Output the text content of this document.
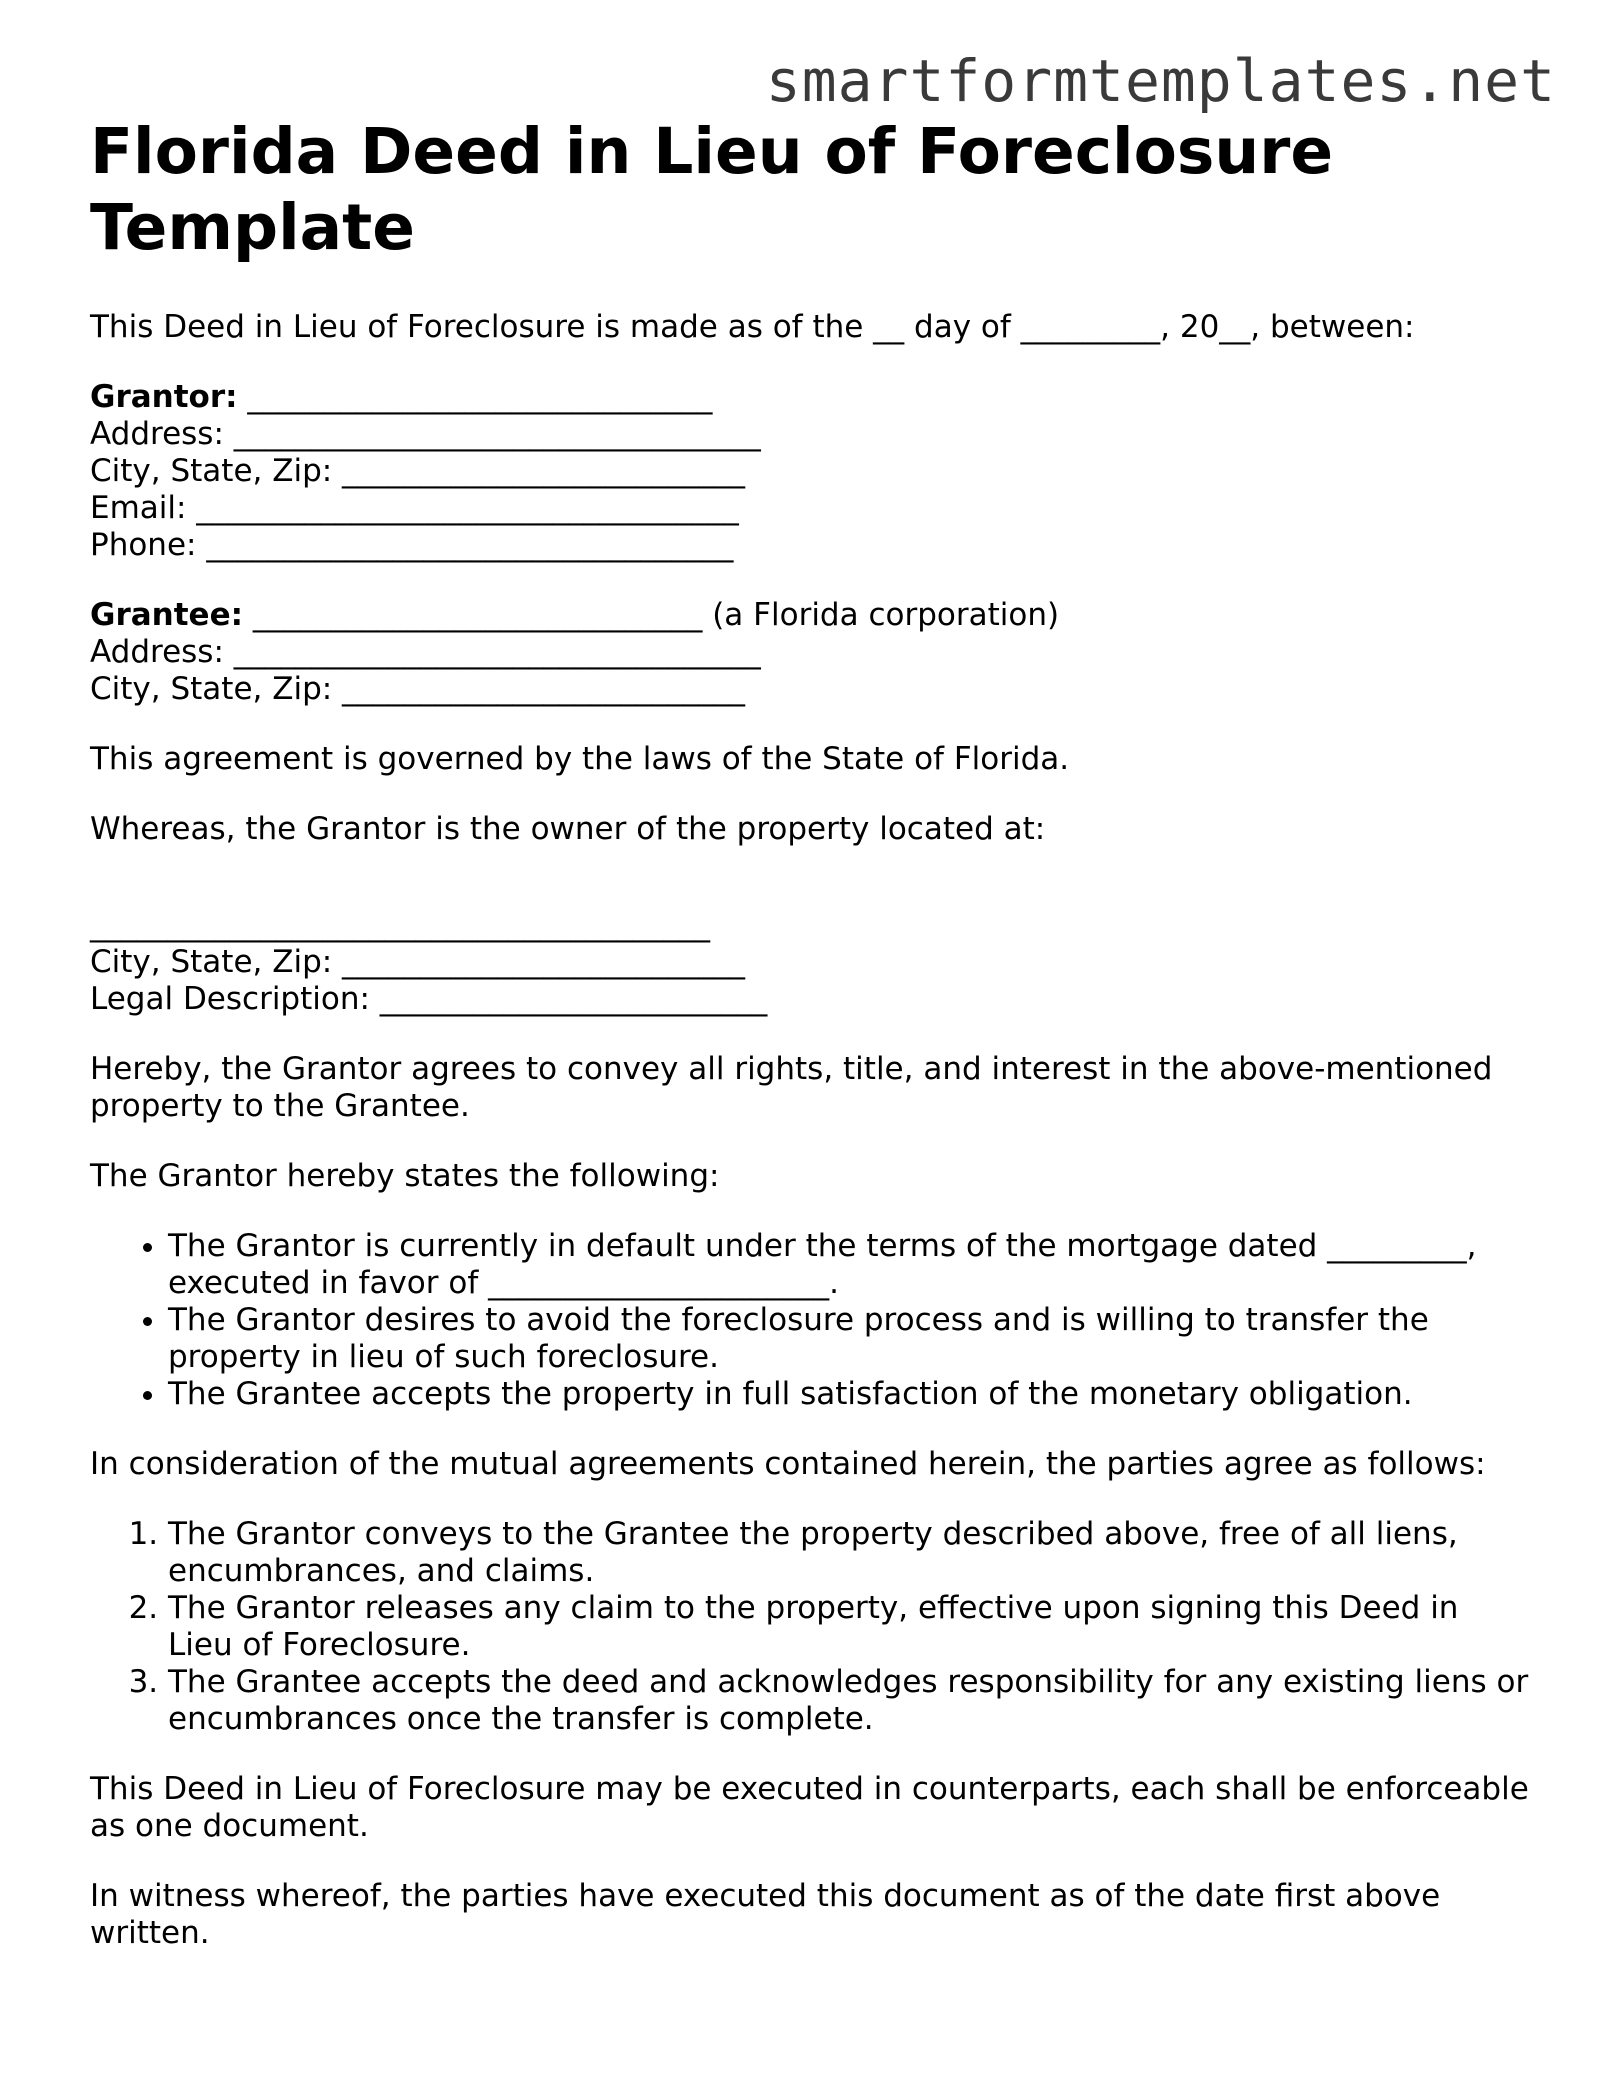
smartformtemplates.net
Florida Deed in Lieu of Foreclosure Template

This Deed in Lieu of Foreclosure is made as of the __ day of _________, 20__, between:

Grantor: ______________________________
Address: __________________________________
City, State, Zip: __________________________
Email: ___________________________________
Phone: __________________________________
Grantee: _____________________________ (a Florida corporation)
Address: __________________________________
City, State, Zip: __________________________

This agreement is governed by the laws of the State of Florida.

Whereas, the Grantor is the owner of the property located at:

________________________________________
City, State, Zip: __________________________
Legal Description: _________________________

Hereby, the Grantor agrees to convey all rights, title, and interest in the above-mentioned property to the Grantee.

The Grantor hereby states the following:

• The Grantor is currently in default under the terms of the mortgage dated _________, executed in favor of ______________________.
• The Grantor desires to avoid the foreclosure process and is willing to transfer the property in lieu of such foreclosure.
• The Grantee accepts the property in full satisfaction of the monetary obligation.

In consideration of the mutual agreements contained herein, the parties agree as follows:

1. The Grantor conveys to the Grantee the property described above, free of all liens, encumbrances, and claims.
2. The Grantor releases any claim to the property, effective upon signing this Deed in Lieu of Foreclosure.
3. The Grantee accepts the deed and acknowledges responsibility for any existing liens or encumbrances once the transfer is complete.

This Deed in Lieu of Foreclosure may be executed in counterparts, each shall be enforceable as one document.

In witness whereof, the parties have executed this document as of the date first above written.
